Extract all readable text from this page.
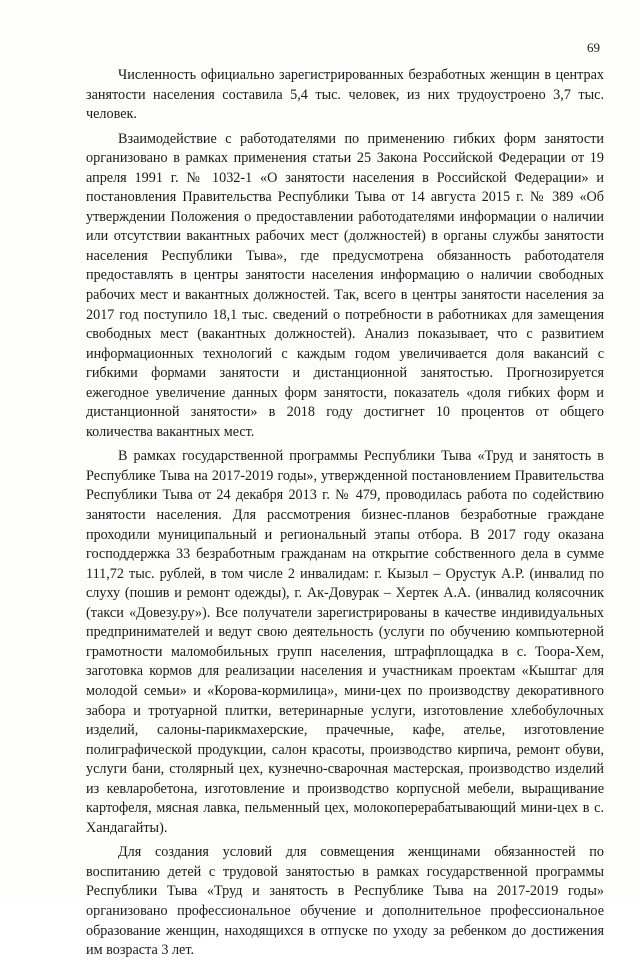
69

Численность официально зарегистрированных безработных женщин в центрах занятости населения составила 5,4 тыс. человек, из них трудоустроено 3,7 тыс. человек.

Взаимодействие с работодателями по применению гибких форм занятости организовано в рамках применения статьи 25 Закона Российской Федерации от 19 апреля 1991 г. № 1032-1 «О занятости населения в Российской Федерации» и постановления Правительства Республики Тыва от 14 августа 2015 г. № 389 «Об утверждении Положения о предоставлении работодателями информации о наличии или отсутствии вакантных рабочих мест (должностей) в органы службы занятости населения Республики Тыва», где предусмотрена обязанность работодателя предоставлять в центры занятости населения информацию о наличии свободных рабочих мест и вакантных должностей. Так, всего в центры занятости населения за 2017 год поступило 18,1 тыс. сведений о потребности в работниках для замещения свободных мест (вакантных должностей). Анализ показывает, что с развитием информационных технологий с каждым годом увеличивается доля вакансий с гибкими формами занятости и дистанционной занятостью. Прогнозируется ежегодное увеличение данных форм занятости, показатель «доля гибких форм и дистанционной занятости» в 2018 году достигнет 10 процентов от общего количества вакантных мест.

В рамках государственной программы Республики Тыва «Труд и занятость в Республике Тыва на 2017-2019 годы», утвержденной постановлением Правительства Республики Тыва от 24 декабря 2013 г. № 479, проводилась работа по содействию занятости населения. Для рассмотрения бизнес-планов безработные граждане проходили муниципальный и региональный этапы отбора. В 2017 году оказана господдержка 33 безработным гражданам на открытие собственного дела в сумме 111,72 тыс. рублей, в том числе 2 инвалидам: г. Кызыл – Орустук А.Р. (инвалид по слуху (пошив и ремонт одежды), г. Ак-Довурак – Хертек А.А. (инвалид колясочник (такси «Довезу.ру»). Все получатели зарегистрированы в качестве индивидуальных предпринимателей и ведут свою деятельность (услуги по обучению компьютерной грамотности маломобильных групп населения, штрафплощадка в с. Тоора-Хем, заготовка кормов для реализации населения и участникам проектам «Кыштаг для молодой семьи» и «Корова-кормилица», мини-цех по производству декоративного забора и тротуарной плитки, ветеринарные услуги, изготовление хлебобулочных изделий, салоны-парикмахерские, прачечные, кафе, ателье, изготовление полиграфической продукции, салон красоты, производство кирпича, ремонт обуви, услуги бани, столярный цех, кузнечно-сварочная мастерская, производство изделий из кевларобетона, изготовление и производство корпусной мебели, выращивание картофеля, мясная лавка, пельменный цех, молокоперерабатывающий мини-цех в с. Хандагайты).

Для создания условий для совмещения женщинами обязанностей по воспитанию детей с трудовой занятостью в рамках государственной программы Республики Тыва «Труд и занятость в Республике Тыва на 2017-2019 годы» организовано профессиональное обучение и дополнительное профессиональное образование женщин, находящихся в отпуске по уходу за ребенком до достижения им возраста 3 лет.
